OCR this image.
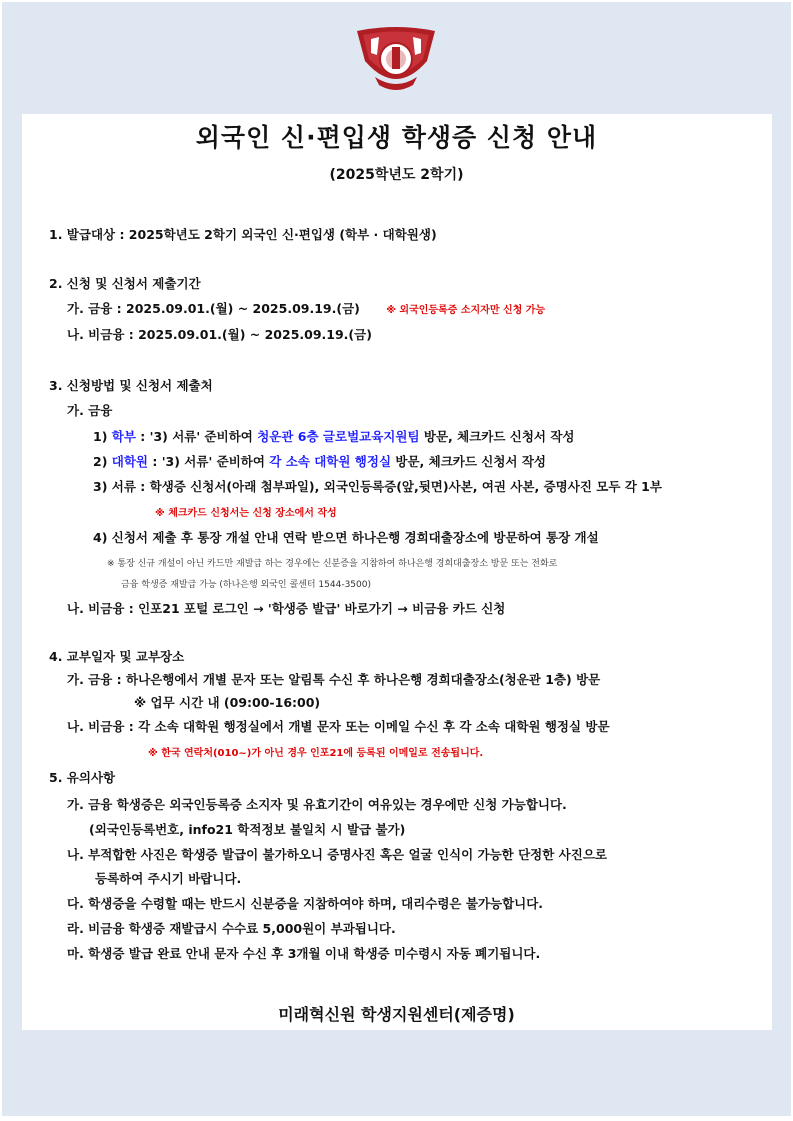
외국인 신·편입생 학생증 신청 안내
(2025학년도 2학기)
1. 발급대상 : 2025학년도 2학기 외국인 신·편입생 (학부 · 대학원생)
2. 신청 및 신청서 제출기간
가. 금융 : 2025.09.01.(월) ~ 2025.09.19.(금)	※ 외국인등록증 소지자만 신청 가능
나. 비금융 : 2025.09.01.(월) ~ 2025.09.19.(금)
3. 신청방법 및 신청서 제출처
가. 금융
1) 학부 : '3) 서류' 준비하여 청운관 6층 글로벌교육지원팀 방문, 체크카드 신청서 작성
2) 대학원 : '3) 서류' 준비하여 각 소속 대학원 행정실 방문, 체크카드 신청서 작성
3) 서류 : 학생증 신청서(아래 첨부파일), 외국인등록증(앞,뒷면)사본, 여권 사본, 증명사진 모두 각 1부
※ 체크카드 신청서는 신청 장소에서 작성
4) 신청서 제출 후 통장 개설 안내 연락 받으면 하나은행 경희대출장소에 방문하여 통장 개설
※ 통장 신규 개설이 아닌 카드만 재발급 하는 경우에는 신분증을 지참하여 하나은행 경희대출장소 방문 또는 전화로
금융 학생증 재발급 가능 (하나은행 외국인 콜센터 1544-3500)
나. 비금융 : 인포21 포털 로그인 → '학생증 발급' 바로가기 → 비금융 카드 신청
4. 교부일자 및 교부장소
가. 금융 : 하나은행에서 개별 문자 또는 알림톡 수신 후 하나은행 경희대출장소(청운관 1층) 방문
※ 업무 시간 내 (09:00-16:00)
나. 비금융 : 각 소속 대학원 행정실에서 개별 문자 또는 이메일 수신 후 각 소속 대학원 행정실 방문
※ 한국 연락처(010~)가 아닌 경우 인포21에 등록된 이메일로 전송됩니다.
5. 유의사항
가. 금융 학생증은 외국인등록증 소지자 및 유효기간이 여유있는 경우에만 신청 가능합니다.
(외국인등록번호, info21 학적정보 불일치 시 발급 불가)
나. 부적합한 사진은 학생증 발급이 불가하오니 증명사진 혹은 얼굴 인식이 가능한 단정한 사진으로
등록하여 주시기 바랍니다.
다. 학생증을 수령할 때는 반드시 신분증을 지참하여야 하며, 대리수령은 불가능합니다.
라. 비금융 학생증 재발급시 수수료 5,000원이 부과됩니다.
마. 학생증 발급 완료 안내 문자 수신 후 3개월 이내 학생증 미수령시 자동 폐기됩니다.
미래혁신원 학생지원센터(제증명)
